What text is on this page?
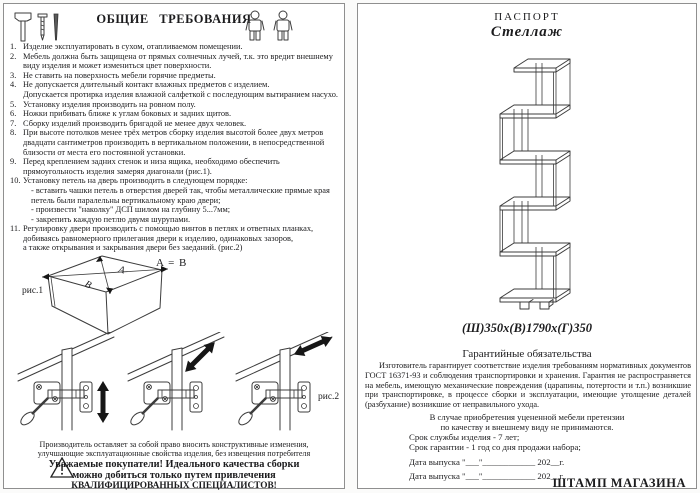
ОБЩИЕ ТРЕБОВАНИЯ
1. Изделие эксплуатировать в сухом, отапливаемом помещении.
2. Мебель должна быть защищена от прямых солнечных лучей, т.к. это вредит внешнему виду изделия и может измениться цвет поверхности.
3. Не ставить на поверхность мебели горячие предметы.
4. Не допускается длительный контакт влажных предметов с изделием.
Допускается протирка изделия влажной салфеткой с последующим вытиранием насухо.
5. Установку изделия производить на ровном полу.
6. Ножки прибивать ближе к углам боковых и задних щитов.
7. Сборку изделий производить бригадой не менее двух человек.
8. При высоте потолков менее трёх метров сборку изделия высотой более двух метров двадцати сантиметров производить в вертикальном положении, в непосредственной близости от места его постоянной установки.
9. Перед креплением задних стенок и низа ящика, необходимо обеспечить прямоугольность изделия замеряя диагонали (рис.1).
10. Установку петель на дверь производить в следующем порядке:
- вставить чашки петель в отверстия дверей так, чтобы металлические прямые края петель были паралельны вертикальному краю двери;
- произвести "наколку" ДСП шилом на глубину 5...7мм;
- закрепить каждую петлю двумя шурупами.
11. Регулировку двери производить с помощью винтов в петлях и ответных планках,
добиваясь равномерного прилегания двери к изделию, одинаковых зазоров,
а также открывания и закрывания двери без заеданий. (рис.2)
рис.1
A
B
A = B
рис.2
Производитель оставляет за собой право вносить конструктивные изменения,
улучшающие эксплуатационные свойства изделия, без извещения потребителя
Уважаемые покупатели! Идеального качества сборки
можно добиться только путем привлечения
КВАЛИФИЦИРОВАННЫХ СПЕЦИАЛИСТОВ!
ПАСПОРТ
Стеллаж
(Ш)350х(В)1790х(Г)350
Гарантийные обязательства
Изготовитель гарантирует соответствие изделия требованиям нормативных документов ГОСТ 16371-93 и соблюдения транспортировки и хранения. Гарантия не распространяется на мебель, имеющую механические повреждения (царапины, потертости и т.п.) возникшие при транспортировке, в процессе сборки и эксплуатации, имеющие утолщение деталей (разбухание) возникшие от неправильного ухода.
В случае приобретения уцененной мебели претензии
по качеству и внешнему виду не принимаются.
Срок службы изделия - 7 лет;
Срок гарантии - 1 год со дня продажи набора;
Дата выпуска "___"____________ 202__г.
Дата выпуска "___"____________ 202__г.
ШТАМП МАГАЗИНА
